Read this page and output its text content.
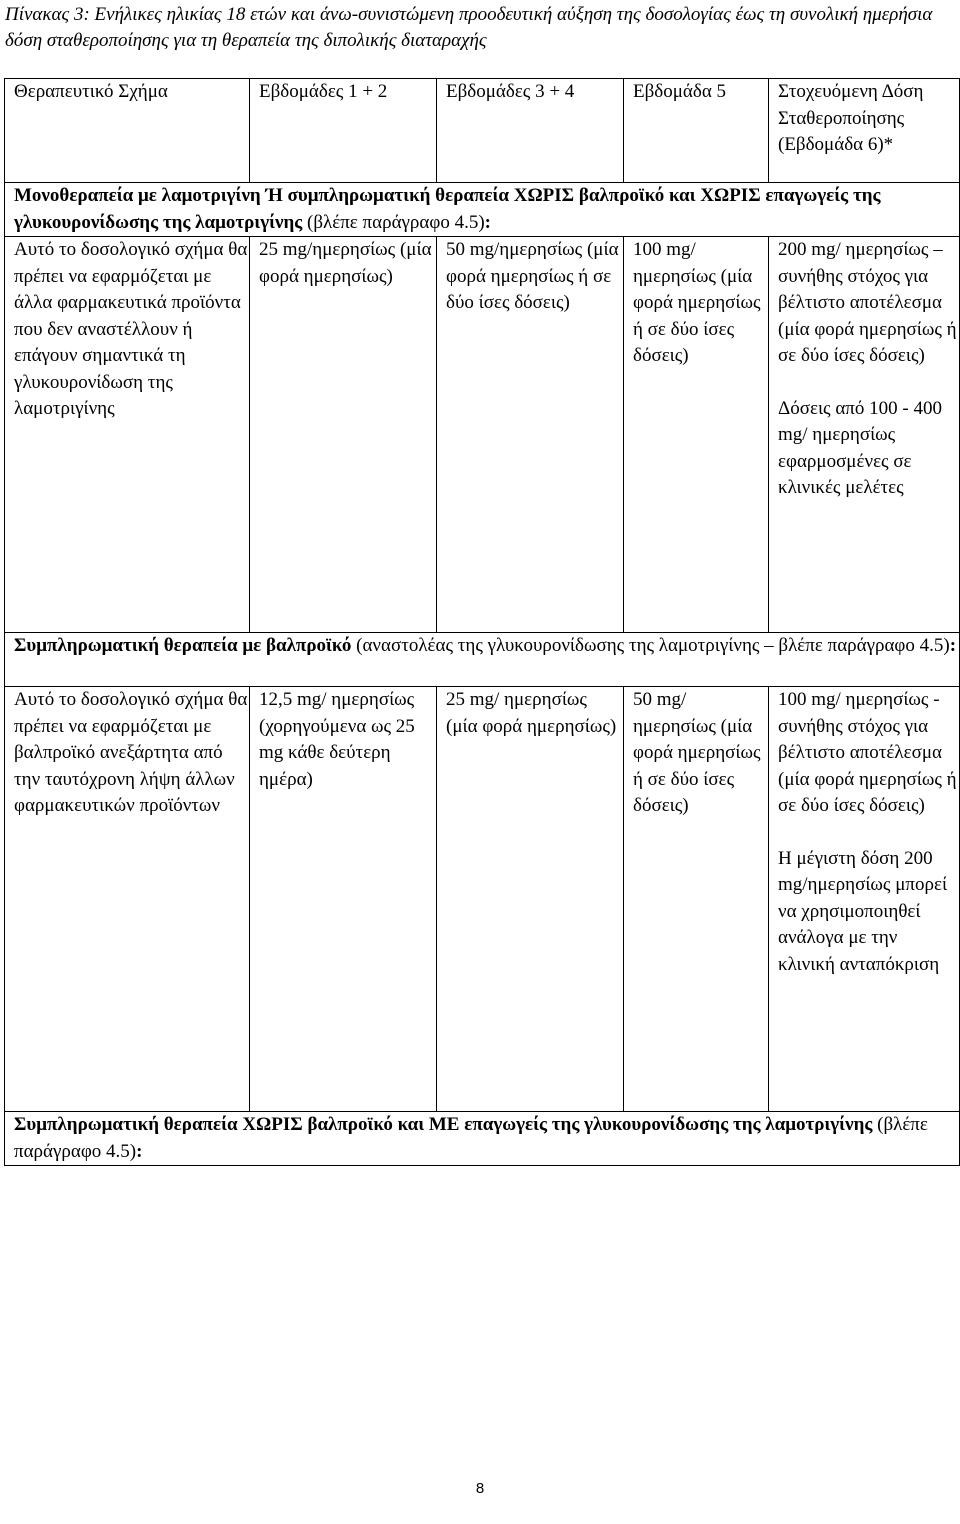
Πίνακας 3: Ενήλικες ηλικίας 18 ετών και άνω-συνιστώμενη προοδευτική αύξηση της δοσολογίας έως τη συνολική ημερήσια δόση σταθεροποίησης για τη θεραπεία της διπολικής διαταραχής
Θεραπευτικό Σχήμα	Εβδομάδες 1 + 2	Εβδομάδες 3 + 4	Εβδομάδα 5	Στοχευόμενη Δόση Σταθεροποίησης (Εβδομάδα 6)*
Μονοθεραπεία με λαμοτριγίνη Ή συμπληρωματική θεραπεία ΧΩΡΙΣ βαλπροϊκό και ΧΩΡΙΣ επαγωγείς της γλυκουρονίδωσης της λαμοτριγίνης (βλέπε παράγραφο 4.5):				
Αυτό το δοσολογικό σχήμα θα πρέπει να εφαρμόζεται με άλλα φαρμακευτικά προϊόντα που δεν αναστέλλουν ή επάγουν σημαντικά τη γλυκουρονίδωση της λαμοτριγίνης	25 mg/ημερησίως (μία φορά ημερησίως)	50 mg/ημερησίως (μία φορά ημερησίως ή σε δύο ίσες δόσεις)	100 mg/ ημερησίως (μία φορά ημερησίως ή σε δύο ίσες δόσεις)	200 mg/ ημερησίως – συνήθης στόχος για βέλτιστο αποτέλεσμα (μία φορά ημερησίως ή σε δύο ίσες δόσεις)
Δόσεις από 100 - 400 mg/ ημερησίως εφαρμοσμένες σε κλινικές μελέτες
Συμπληρωματική θεραπεία με βαλπροϊκό (αναστολέας της γλυκουρονίδωσης της λαμοτριγίνης – βλέπε παράγραφο 4.5):				
Αυτό το δοσολογικό σχήμα θα πρέπει να εφαρμόζεται με βαλπροϊκό ανεξάρτητα από την ταυτόχρονη λήψη άλλων φαρμακευτικών προϊόντων	12,5 mg/ ημερησίως (χορηγούμενα ως 25 mg κάθε δεύτερη ημέρα)	25 mg/ ημερησίως (μία φορά ημερησίως)	50 mg/ ημερησίως (μία φορά ημερησίως ή σε δύο ίσες δόσεις)	100 mg/ ημερησίως - συνήθης στόχος για βέλτιστο αποτέλεσμα (μία φορά ημερησίως ή σε δύο ίσες δόσεις)
Η μέγιστη δόση 200 mg/ημερησίως μπορεί να χρησιμοποιηθεί ανάλογα με την κλινική ανταπόκριση
Συμπληρωματική θεραπεία ΧΩΡΙΣ βαλπροϊκό και ΜΕ επαγωγείς της γλυκουρονίδωσης της λαμοτριγίνης (βλέπε παράγραφο 4.5):				
8
